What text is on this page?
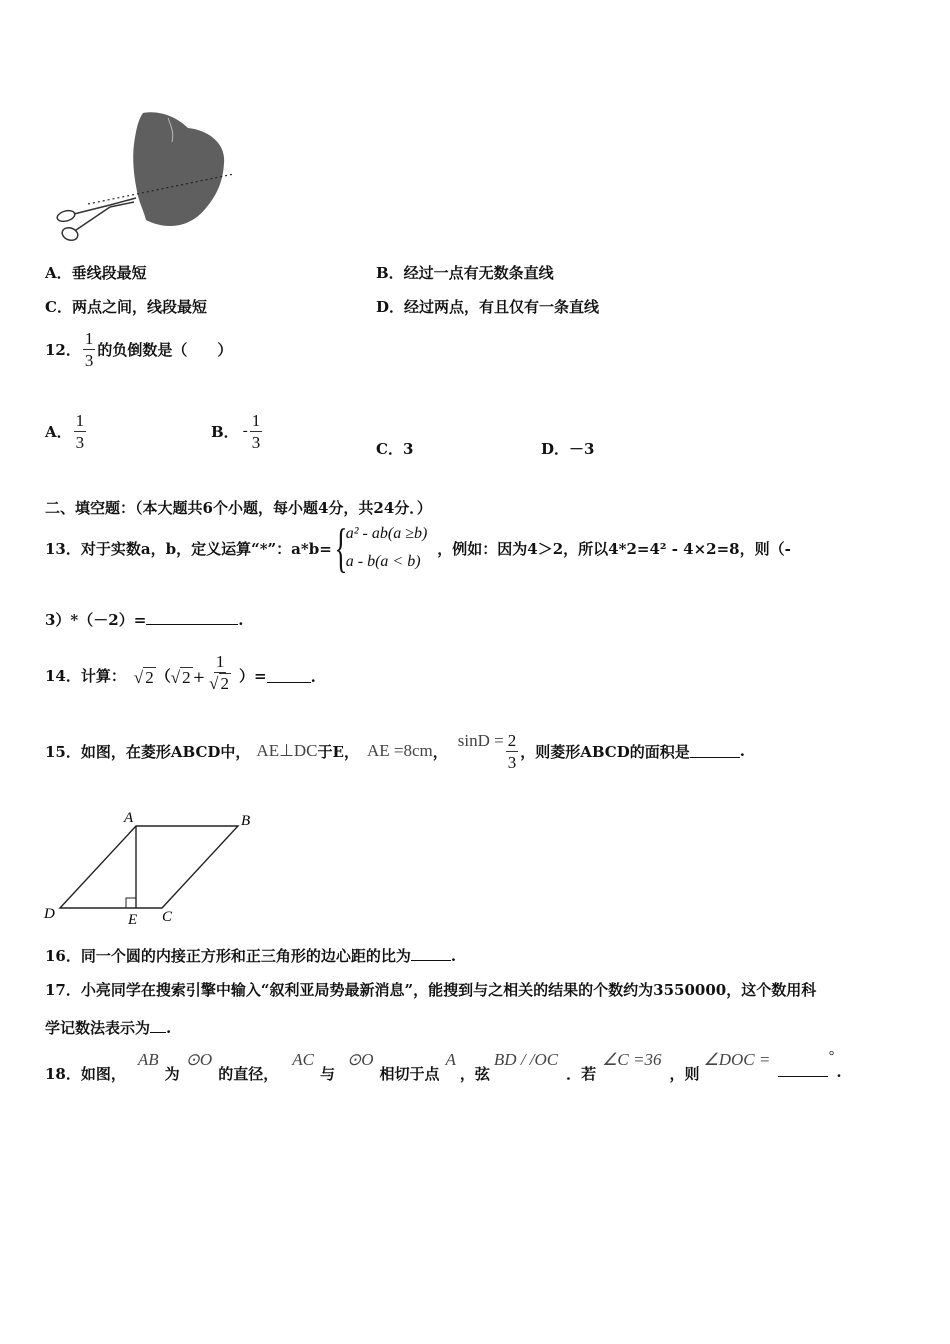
A．垂线段最短	B．经过一点有无数条直线
C．两点之间，线段最短	D．经过两点，有且仅有一条直线
12． $\frac{1}{3}$ 的负倒数是（　　）
A． $\frac{1}{3}$	B． - $\frac{1}{3}$	C．3	D．－3
二、填空题：（本大题共6个小题，每小题4分，共24分．）
13．对于实数a，b，定义运算“*”：a*b= {
a² - ab(a ≥b)
a - b(a < b)
，例如：因为4＞2，所以4*2=4² - 4×2=8，则（-
3）*（－2）=	.
14．计算： √ 2 （ √ $2 + \frac{1}{√ 2}$ ）=	.
15．如图，在菱形ABCD中， AE⊥DC 于E， AE =8cm ，
$\sin D = \frac{2}{3}$ ，则菱形ABCD的面积是	.
A	B
C
D	E
16．同一个圆的内接正方形和正三角形的边心距的比为	.
17．小亮同学在搜索引擎中输入“叙利亚局势最新消息”，能搜到与之相关的结果的个数约为3550000，这个数用科
学记数法表示为 .
18．如图，
AB
为
⊙O
的直径，
AC
与
⊙O
相切于点
A
，弦
BD / /OC
．若
∠C =36
，则
∠DOC =	°
.
